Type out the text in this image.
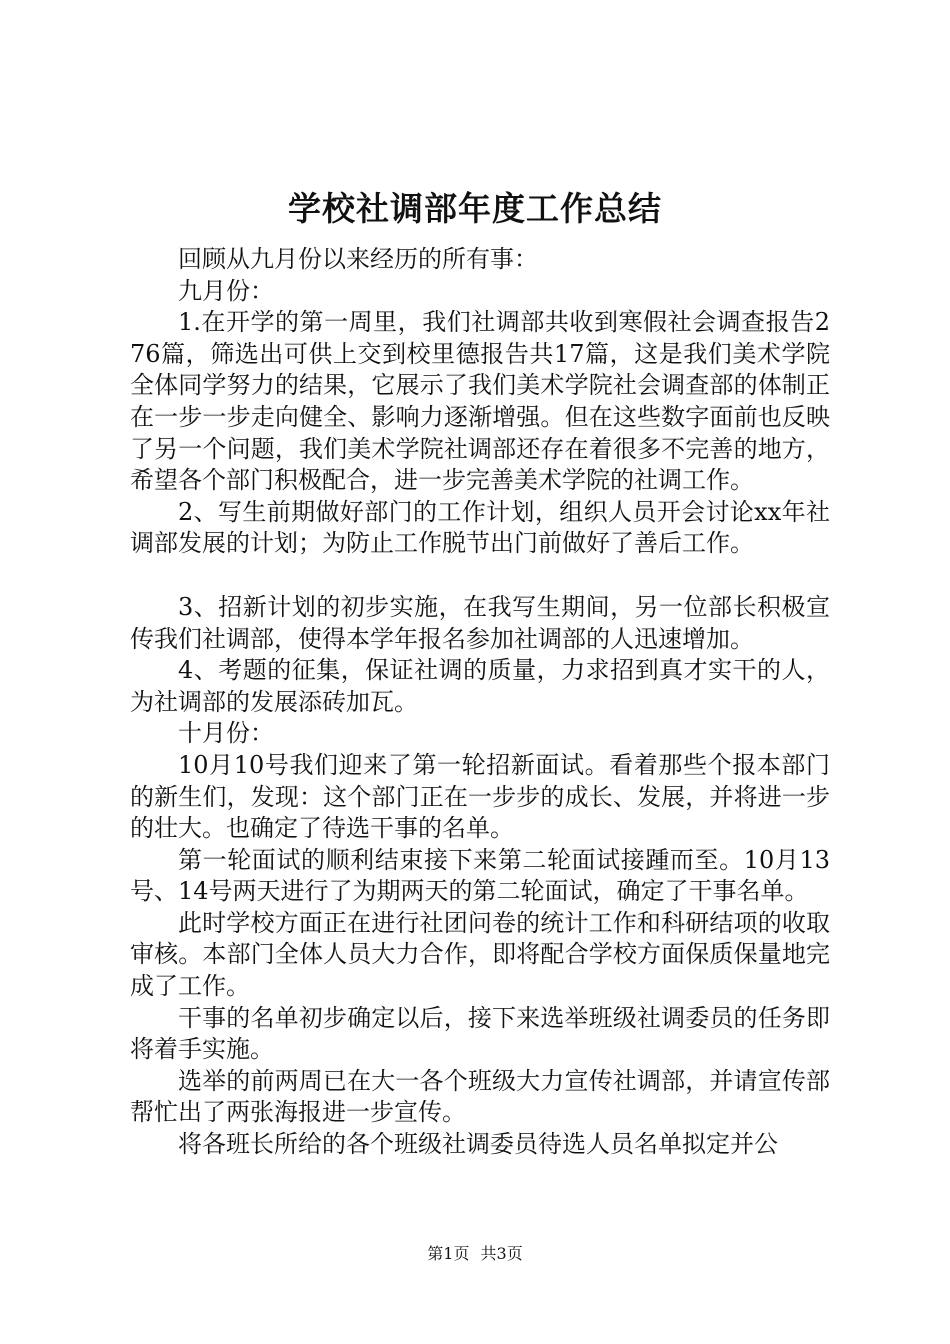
学校社调部年度工作总结

回顾从九月份以来经历的所有事：

九月份：

1.在开学的第一周里，我们社调部共收到寒假社会调查报告276篇，筛选出可供上交到校里德报告共17篇，这是我们美术学院全体同学努力的结果，它展示了我们美术学院社会调查部的体制正在一步一步走向健全、影响力逐渐增强。但在这些数字面前也反映了另一个问题，我们美术学院社调部还存在着很多不完善的地方，希望各个部门积极配合，进一步完善美术学院的社调工作。

2、写生前期做好部门的工作计划，组织人员开会讨论xx年社调部发展的计划；为防止工作脱节出门前做好了善后工作。

3、招新计划的初步实施，在我写生期间，另一位部长积极宣传我们社调部，使得本学年报名参加社调部的人迅速增加。

4、考题的征集，保证社调的质量，力求招到真才实干的人，为社调部的发展添砖加瓦。

十月份：

10月10号我们迎来了第一轮招新面试。看着那些个报本部门的新生们，发现：这个部门正在一步步的成长、发展，并将进一步的壮大。也确定了待选干事的名单。

第一轮面试的顺利结束接下来第二轮面试接踵而至。10月13号、14号两天进行了为期两天的第二轮面试，确定了干事名单。

此时学校方面正在进行社团问卷的统计工作和科研结项的收取审核。本部门全体人员大力合作，即将配合学校方面保质保量地完成了工作。

干事的名单初步确定以后，接下来选举班级社调委员的任务即将着手实施。

选举的前两周已在大一各个班级大力宣传社调部，并请宣传部帮忙出了两张海报进一步宣传。

将各班长所给的各个班级社调委员待选人员名单拟定并公

第1页 共3页
